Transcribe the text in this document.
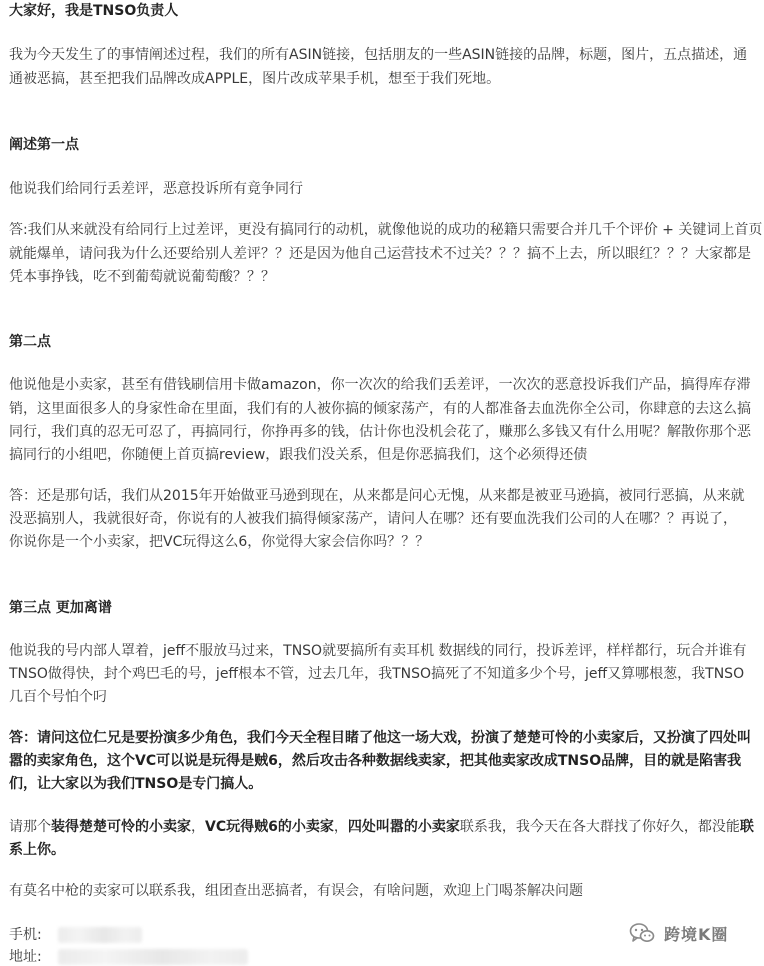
大家好，我是TNSO负责人
我为今天发生了的事情阐述过程，我们的所有ASIN链接，包括朋友的一些ASIN链接的品牌，标题，图片，五点描述，通
通被恶搞，甚至把我们品牌改成APPLE，图片改成苹果手机，想至于我们死地。
阐述第一点
他说我们给同行丢差评，恶意投诉所有竟争同行
答:我们从来就没有给同行上过差评，更没有搞同行的动机，就像他说的成功的秘籍只需要合并几千个评价 + 关键词上首页
就能爆单，请问我为什么还要给别人差评？？还是因为他自己运营技术不过关？？？搞不上去，所以眼红？？？大家都是
凭本事挣钱，吃不到葡萄就说葡萄酸？？？
第二点
他说他是小卖家，甚至有借钱刷信用卡做amazon，你一次次的给我们丢差评，一次次的恶意投诉我们产品，搞得库存滞
销，这里面很多人的身家性命在里面，我们有的人被你搞的倾家荡产，有的人都准备去血洗你全公司，你肆意的去这么搞
同行，我们真的忍无可忍了，再搞同行，你挣再多的钱，估计你也没机会花了，赚那么多钱又有什么用呢？解散你那个恶
搞同行的小组吧，你随便上首页搞review，跟我们没关系，但是你恶搞我们，这个必须得还债
答：还是那句话，我们从2015年开始做亚马逊到现在，从来都是问心无愧，从来都是被亚马逊搞，被同行恶搞，从来就
没恶搞别人，我就很好奇，你说有的人被我们搞得倾家荡产，请问人在哪？还有要血洗我们公司的人在哪？？再说了，
你说你是一个小卖家，把VC玩得这么6，你觉得大家会信你吗？？？
第三点 更加离谱
他说我的号内部人罩着，jeff不服放马过来，TNSO就要搞所有卖耳机 数据线的同行，投诉差评，样样都行，玩合并谁有
TNSO做得快，封个鸡巴毛的号，jeff根本不管，过去几年，我TNSO搞死了不知道多少个号，jeff又算哪根葱，我TNSO
几百个号怕个叼
答：请问这位仁兄是要扮演多少角色，我们今天全程目睹了他这一场大戏，扮演了楚楚可怜的小卖家后，又扮演了四处叫
嚣的卖家角色，这个VC可以说是玩得是贼6，然后攻击各种数据线卖家，把其他卖家改成TNSO品牌，目的就是陷害我
们，让大家以为我们TNSO是专门搞人。
请那个装得楚楚可怜的小卖家，VC玩得贼6的小卖家，四处叫嚣的小卖家联系我，我今天在各大群找了你好久，都没能联
系上你。
有莫名中枪的卖家可以联系我，组团查出恶搞者，有误会，有啥问题，欢迎上门喝茶解决问题
手机:
地址:
跨境K圈
